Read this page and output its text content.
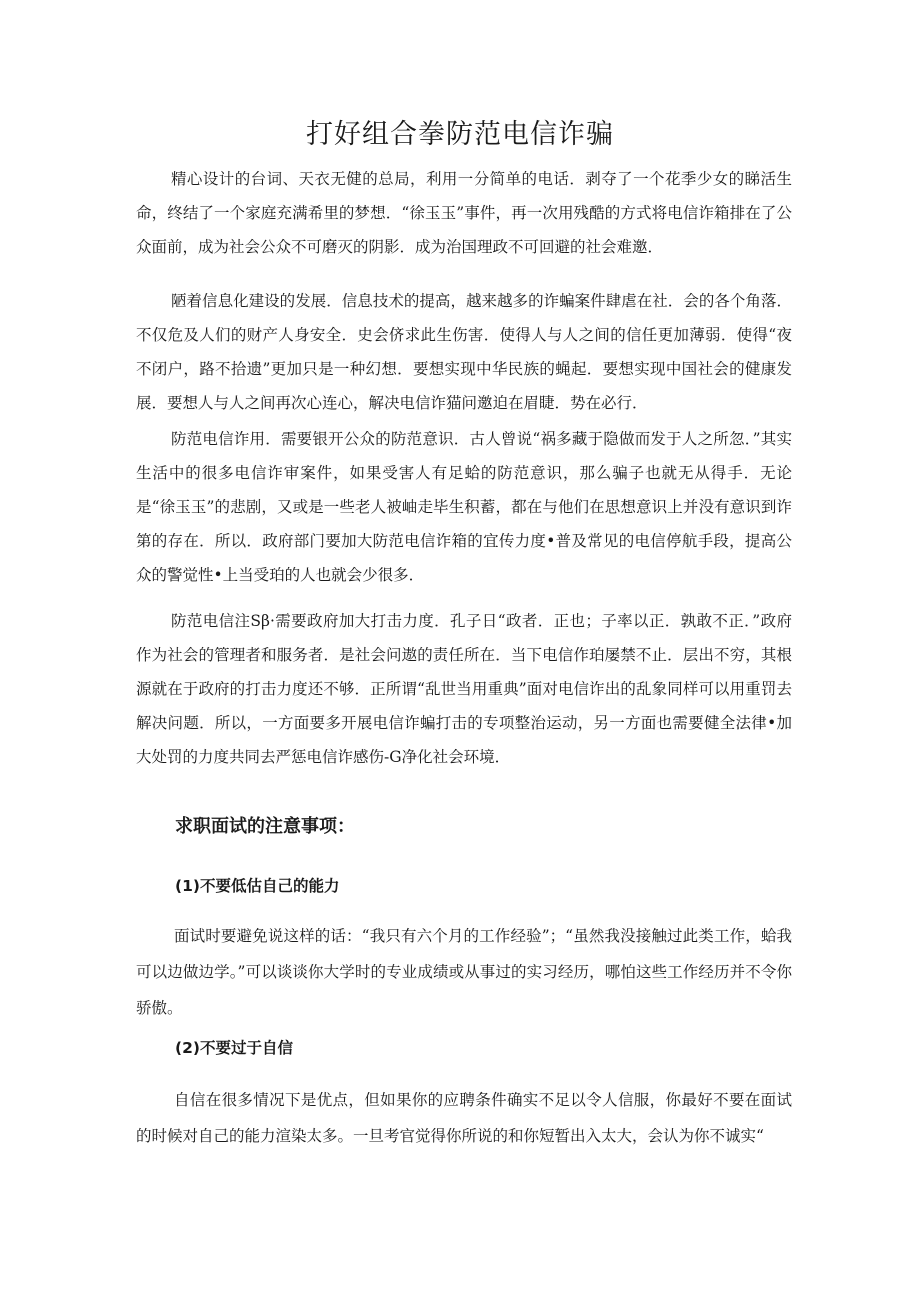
打好组合拳防范电信诈骗

精心设计的台词、天衣无健的总局，利用一分简单的电话．剥夺了一个花季少女的睇活生命，终结了一个家庭充满希里的梦想．“徐玉玉”事件，再一次用残酷的方式将电信诈箱排在了公众面前，成为社会公众不可磨灭的阴影．成为治国理政不可回避的社会难邀．

陋着信息化建设的发展．信息技术的提高，越来越多的诈蝙案件肆虐在社．会的各个角落．不仅危及人们的财产人身安全．史会侪求此生伤害．使得人与人之间的信任更加薄弱．使得“夜不闭户，路不拾遗”更加只是一种幻想．要想实现中华民族的蝇起．要想实现中国社会的健康发展．要想人与人之间再次心连心，解决电信诈猫问邀迫在眉睫．势在必行．

防范电信诈用．需要银开公众的防范意识．古人曾说“祸多藏于隐做而发于人之所忽．”其实生活中的很多电信诈审案件，如果受害人有足蛤的防范意识，那么骗子也就无从得手．无论是“徐玉玉”的悲剧，又或是一些老人被岫走毕生积蓄，都在与他们在思想意识上并没有意识到诈第的存在．所以．政府部门要加大防范电信诈箱的宜传力度•普及常见的电信停航手段，提高公众的警觉性•上当受珀的人也就会少很多．

防范电信注Sβ·需要政府加大打击力度．孔子日“政者．正也；子率以正．孰敢不正．”政府作为社会的管理者和服务者．是社会问遨的责任所在．当下电信作珀屡禁不止．层出不穷，其根源就在于政府的打击力度还不够．正所谓“乱世当用重典”面对电信诈出的乱象同样可以用重罚去解决问题．所以，一方面要多开展电信诈蝙打击的专项整治运动，另一方面也需要健全法律•加大处罚的力度共同去严惩电信诈感伤-G净化社会环境．

求职面试的注意事项：
(1)不要低估自己的能力

面试时要避免说这样的话：“我只有六个月的工作经验”；“虽然我没接触过此类工作，蛤我可以边做边学。”可以谈谈你大学时的专业成绩或从事过的实习经历，哪怕这些工作经历并不令你骄傲。

(2)不要过于自信

自信在很多情况下是优点，但如果你的应聘条件确实不足以令人信服，你最好不要在面试的时候对自己的能力渲染太多。一旦考官觉得你所说的和你短暂出入太大，会认为你不诚实“
